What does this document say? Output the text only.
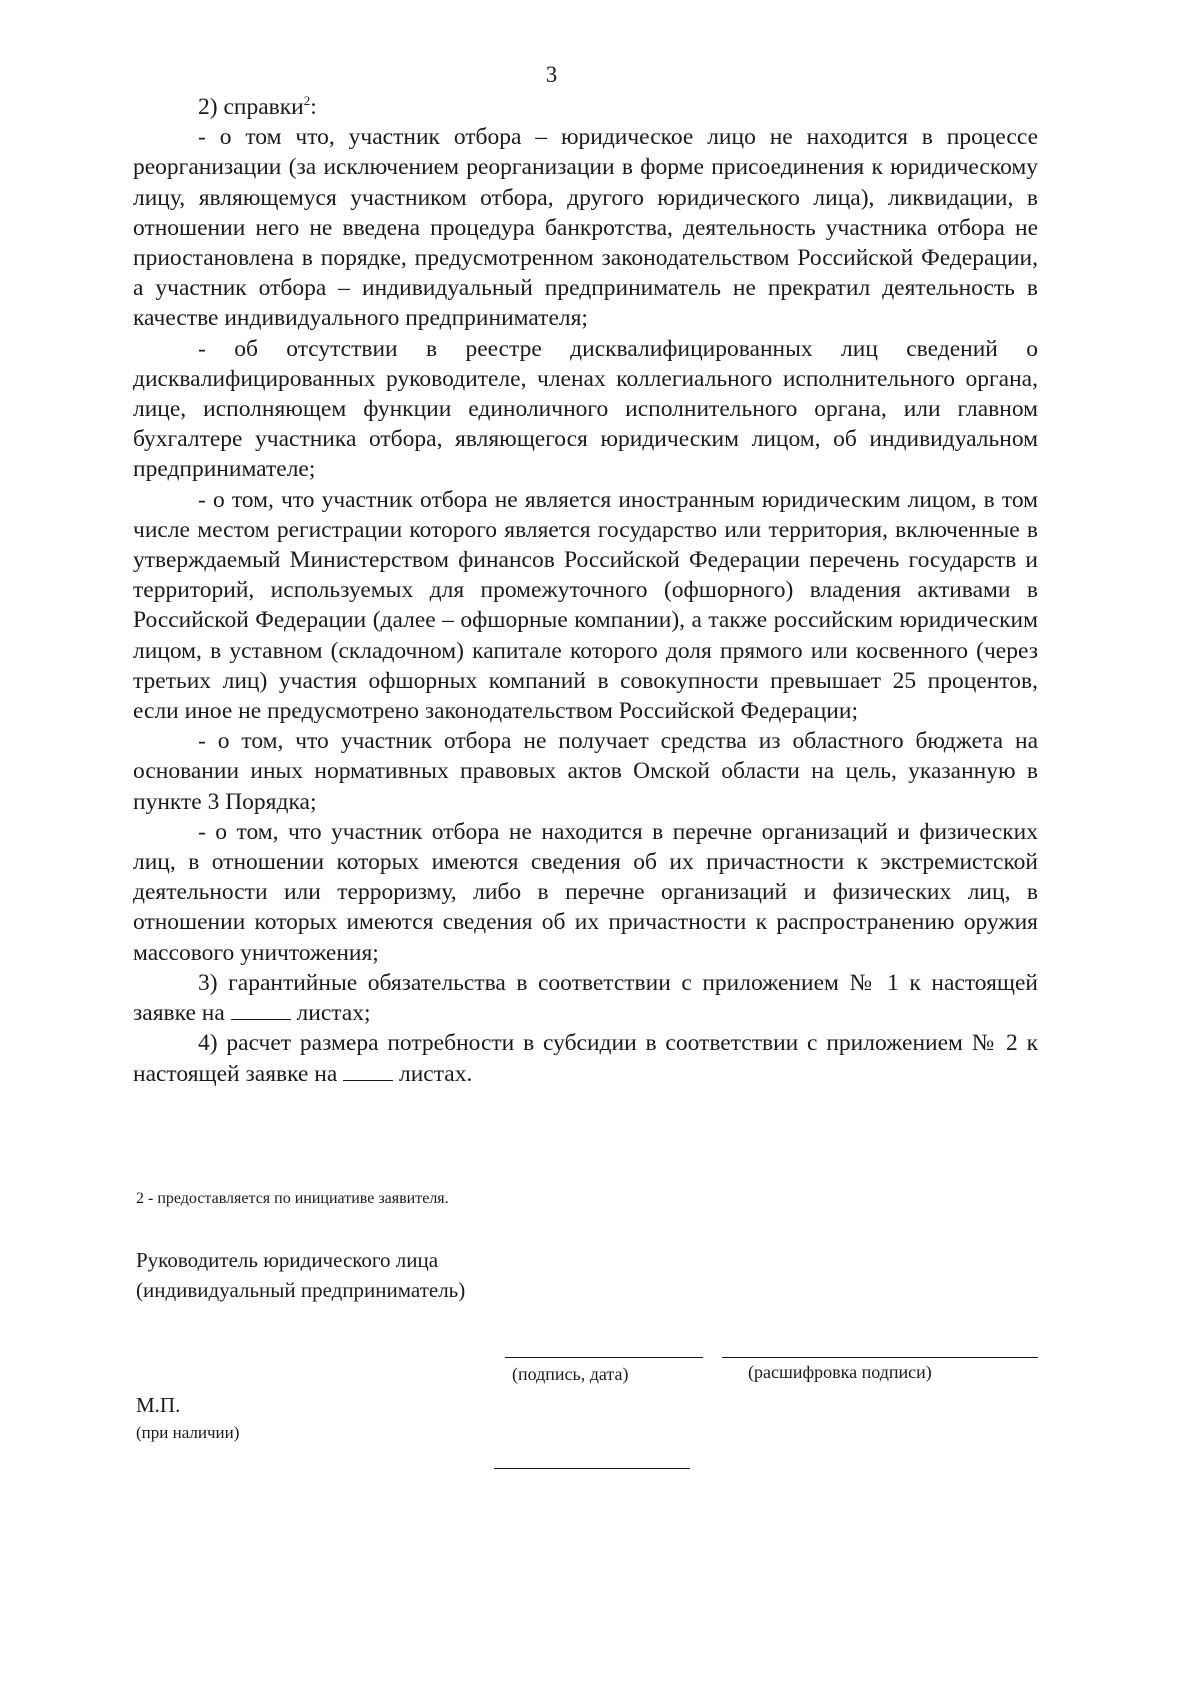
3

2) справки$^2$:

- о том что, участник отбора – юридическое лицо не находится в процессе реорганизации (за исключением реорганизации в форме присоединения к юридическому лицу, являющемуся участником отбора, другого юридического лица), ликвидации, в отношении него не введена процедура банкротства, деятельность участника отбора не приостановлена в порядке, предусмотренном законодательством Российской Федерации, а участник отбора – индивидуальный предприниматель не прекратил деятельность в качестве индивидуального предпринимателя;

- об отсутствии в реестре дисквалифицированных лиц сведений о дисквалифицированных руководителе, членах коллегиального исполнительного органа, лице, исполняющем функции единоличного исполнительного органа, или главном бухгалтере участника отбора, являющегося юридическим лицом, об индивидуальном предпринимателе;

- о том, что участник отбора не является иностранным юридическим лицом, в том числе местом регистрации которого является государство или территория, включенные в утверждаемый Министерством финансов Российской Федерации перечень государств и территорий, используемых для промежуточного (офшорного) владения активами в Российской Федерации (далее – офшорные компании), а также российским юридическим лицом, в уставном (складочном) капитале которого доля прямого или косвенного (через третьих лиц) участия офшорных компаний в совокупности превышает 25 процентов, если иное не предусмотрено законодательством Российской Федерации;

- о том, что участник отбора не получает средства из областного бюджета на основании иных нормативных правовых актов Омской области на цель, указанную в пункте 3 Порядка;

- о том, что участник отбора не находится в перечне организаций и физических лиц, в отношении которых имеются сведения об их причастности к экстремистской деятельности или терроризму, либо в перечне организаций и физических лиц, в отношении которых имеются сведения об их причастности к распространению оружия массового уничтожения;

3) гарантийные обязательства в соответствии с приложением № 1 к настоящей заявке на	листах;

4) расчет размера потребности в субсидии в соответствии с приложением № 2 к настоящей заявке на  листах.

2 - предоставляется по инициативе заявителя.
Руководитель юридического лица
(индивидуальный предприниматель)
(подпись, дата)	(расшифровка подписи)
М.П.
(при наличии)
